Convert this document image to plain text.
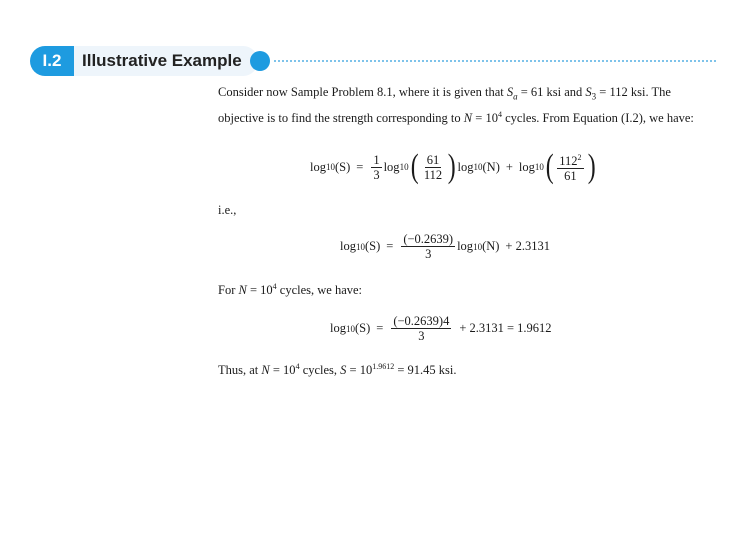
I.2	Illustrative Example
Consider now Sample Problem 8.1, where it is given that $S_a = 61$ ksi and $S_3 = 112$ ksi. The objective is to find the strength corresponding to $N = 10^4$ cycles. From Equation (I.2), we have:
log 10 $(S) = \frac{1}{3}$ log 10 ( $\frac{61}{112}$ ) log 10 (N) + log 10 ( $\frac{112^2}{61}$ )
i.e.,
log 10 $(S) = \frac{(-0.2639)}{3}$ log 10 (N) + 2.3131
For $N = 10^4$ cycles, we have:
log 10 $(S) = \frac{(-0.2639)4}{3} + 2.3131 = 1.9612$
Thus, at $N = 10^4$ cycles, $S = 10^{1.9612} = 91.45$ ksi.
